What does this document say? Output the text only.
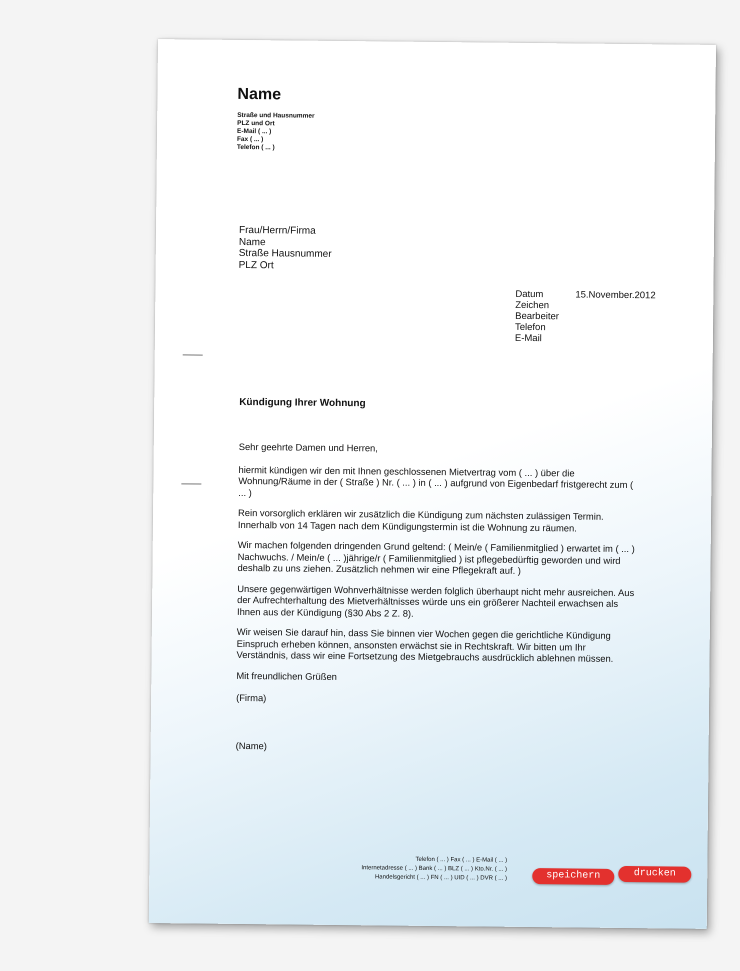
Name
Straße und Hausnummer
PLZ und Ort
E-Mail ( ... )
Fax ( ... )
Telefon ( ... )
Frau/Herrn/Firma
Name
Straße Hausnummer
PLZ Ort
Datum	15.November.2012
Zeichen
Bearbeiter
Telefon
E-Mail
Kündigung Ihrer Wohnung

Sehr geehrte Damen und Herren,

hiermit kündigen wir den mit Ihnen geschlossenen Mietvertrag vom ( ... ) über die Wohnung/Räume in der ( Straße ) Nr. ( ... ) in ( ... ) aufgrund von Eigenbedarf fristgerecht zum ( ... )

Rein vorsorglich erklären wir zusätzlich die Kündigung zum nächsten zulässigen Termin. Innerhalb von 14 Tagen nach dem Kündigungstermin ist die Wohnung zu räumen.

Wir machen folgenden dringenden Grund geltend: ( Mein/e ( Familienmitglied ) erwartet im ( ... ) Nachwuchs. / Mein/e ( ... )jährige/r ( Familienmitglied ) ist pflegebedürftig geworden und wird deshalb zu uns ziehen. Zusätzlich nehmen wir eine Pflegekraft auf. )

Unsere gegenwärtigen Wohnverhältnisse werden folglich überhaupt nicht mehr ausreichen. Aus der Aufrechterhaltung des Mietverhältnisses würde uns ein größerer Nachteil erwachsen als Ihnen aus der Kündigung (§30 Abs 2 Z. 8).

Wir weisen Sie darauf hin, dass Sie binnen vier Wochen gegen die gerichtliche Kündigung Einspruch erheben können, ansonsten erwächst sie in Rechtskraft. Wir bitten um Ihr Verständnis, dass wir eine Fortsetzung des Mietgebrauchs ausdrücklich ablehnen müssen.

Mit freundlichen Grüßen

(Firma)

(Name)

Telefon ( ... ) Fax ( ... ) E-Mail ( ... )
Internetadresse ( ... ) Bank ( ... ) BLZ ( ... ) Kto.Nr. ( ... )
Handelsgericht ( ... ) FN ( ... ) UID ( ... ) DVR ( ... )	speichern	drucken
